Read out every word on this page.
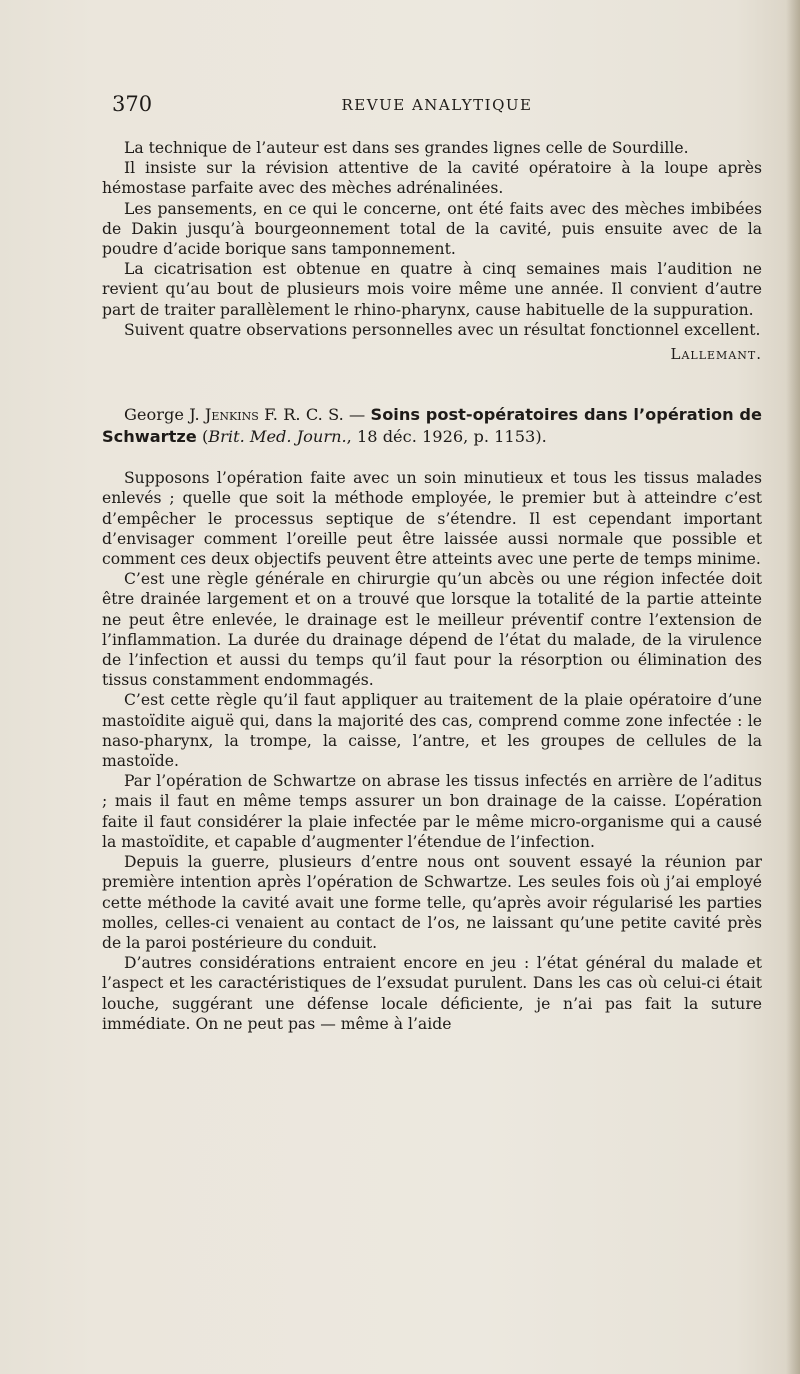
370	REVUE ANALYTIQUE

La technique de l’auteur est dans ses grandes lignes celle de Sourdille.

Il insiste sur la révision attentive de la cavité opératoire à la loupe après hémostase parfaite avec des mèches adrénalinées.

Les pansements, en ce qui le concerne, ont été faits avec des mèches imbibées de Dakin jusqu’à bourgeonnement total de la cavité, puis ensuite avec de la poudre d’acide borique sans tamponnement.

La cicatrisation est obtenue en quatre à cinq semaines mais l’audition ne revient qu’au bout de plusieurs mois voire même une année. Il convient d’autre part de traiter parallèlement le rhino-pharynx, cause habituelle de la suppuration.

Suivent quatre observations personnelles avec un résultat fonctionnel excellent.

Lallemant.

George J. Jenkins F. R. C. S. — Soins post-opératoires dans l’opération de Schwartze (Brit. Med. Journ., 18 déc. 1926, p. 1153).

Supposons l’opération faite avec un soin minutieux et tous les tissus malades enlevés ; quelle que soit la méthode employée, le premier but à atteindre c’est d’empêcher le processus septique de s’étendre. Il est cependant important d’envisager comment l’oreille peut être laissée aussi normale que possible et comment ces deux objectifs peuvent être atteints avec une perte de temps minime.

C’est une règle générale en chirurgie qu’un abcès ou une région infectée doit être drainée largement et on a trouvé que lorsque la totalité de la partie atteinte ne peut être enlevée, le drainage est le meilleur préventif contre l’extension de l’inflammation. La durée du drainage dépend de l’état du malade, de la virulence de l’infection et aussi du temps qu’il faut pour la résorption ou élimination des tissus constamment endommagés.

C’est cette règle qu’il faut appliquer au traitement de la plaie opératoire d’une mastoïdite aiguë qui, dans la majorité des cas, comprend comme zone infectée : le naso-pharynx, la trompe, la caisse, l’antre, et les groupes de cellules de la mastoïde.

Par l’opération de Schwartze on abrase les tissus infectés en arrière de l’aditus ; mais il faut en même temps assurer un bon drainage de la caisse. L’opération faite il faut considérer la plaie infectée par le même micro-organisme qui a causé la mastoïdite, et capable d’augmenter l’étendue de l’infection.

Depuis la guerre, plusieurs d’entre nous ont souvent essayé la réunion par première intention après l’opération de Schwartze. Les seules fois où j’ai employé cette méthode la cavité avait une forme telle, qu’après avoir régularisé les parties molles, celles-ci venaient au contact de l’os, ne laissant qu’une petite cavité près de la paroi postérieure du conduit.

D’autres considérations entraient encore en jeu : l’état général du malade et l’aspect et les caractéristiques de l’exsudat purulent. Dans les cas où celui-ci était louche, suggérant une défense locale déficiente, je n’ai pas fait la suture immédiate. On ne peut pas — même à l’aide
